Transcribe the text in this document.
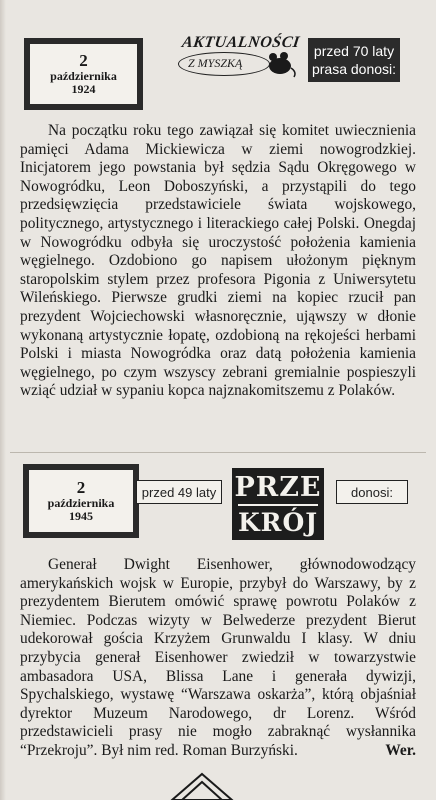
2
października
1924
AKTUALNOŚCI
Z MYSZKĄ
przed 70 laty
prasa donosi:

Na początku roku tego zawiązał się komitet uwiecznienia pamięci Adama Mickiewicza w ziemi nowogrodzkiej. Inicjatorem jego powstania był sędzia Sądu Okręgowego w Nowogródku, Leon Doboszyński, a przystąpili do tego przedsięwzięcia przedstawiciele świata wojskowego, politycznego, artystycznego i literackiego całej Polski. Onegdaj w Nowogródku odbyła się uroczystość położenia kamienia węgielnego. Ozdobiono go napisem ułożonym pięknym staropolskim stylem przez profesora Pigonia z Uniwersytetu Wileńskiego. Pierwsze grudki ziemi na kopiec rzucił pan prezydent Wojciechowski własnoręcznie, ująwszy w dłonie wykonaną artystycznie łopatę, ozdobioną na rękojeści herbami Polski i miasta Nowogródka oraz datą położenia kamienia węgielnego, po czym wszyscy zebrani gremialnie pospieszyli wziąć udział w sypaniu kopca najznakomitszemu z Polaków.

2
października
1945
przed 49 laty PRZE
KRÓJ
donosi:

Generał Dwight Eisenhower, głównodowodzący amerykańskich wojsk w Europie, przybył do Warszawy, by z prezydentem Bierutem omówić sprawę powrotu Polaków z Niemiec. Podczas wizyty w Belwederze prezydent Bierut udekorował gościa Krzyżem Grunwaldu I klasy. W dniu przybycia generał Eisenhower zwiedził w towarzystwie ambasadora USA, Blissa Lane i generała dywizji, Spychalskiego, wystawę “Warszawa oskarża”, którą objaśniał dyrektor Muzeum Narodowego, dr Lorenz. Wśród przedstawicieli prasy nie mogło zabraknąć wysłannika “Przekroju”. Był nim red. Roman Burzyński.	Wer.
